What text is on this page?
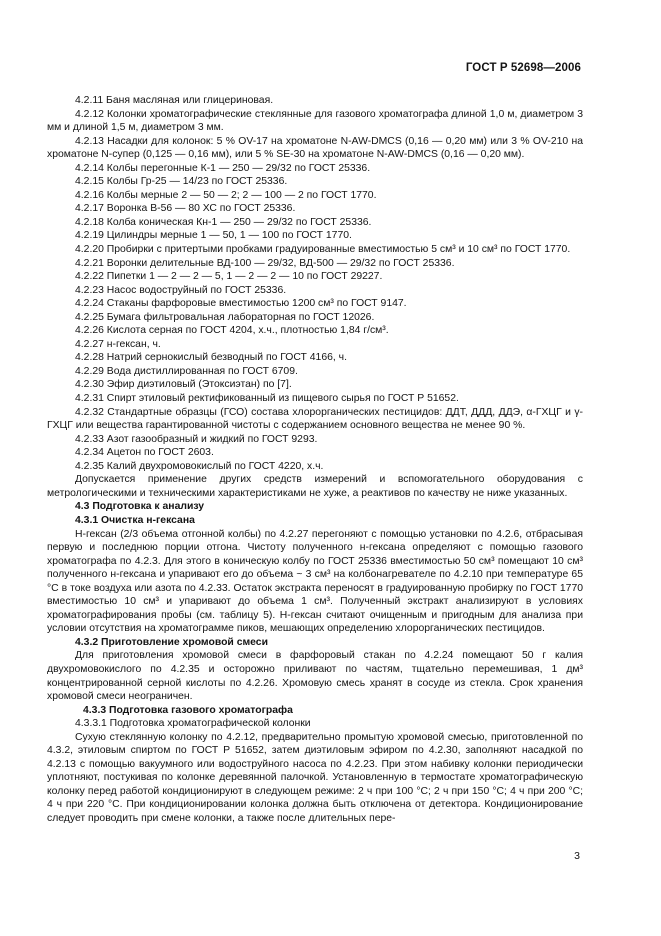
ГОСТ Р 52698—2006

4.2.11 Баня масляная или глицериновая.

4.2.12 Колонки хроматографические стеклянные для газового хроматографа длиной 1,0 м, диаметром 3 мм и длиной 1,5 м, диаметром 3 мм.

4.2.13 Насадки для колонок: 5 % OV-17 на хроматоне N-AW-DMCS (0,16 — 0,20 мм) или 3 % OV-210 на хроматоне N-супер (0,125 — 0,16 мм), или 5 % SE-30 на хроматоне N-AW-DMCS (0,16 — 0,20 мм).

4.2.14 Колбы перегонные К-1 — 250 — 29/32 по ГОСТ 25336.

4.2.15 Колбы Гр-25 — 14/23 по ГОСТ 25336.

4.2.16 Колбы мерные 2 — 50 — 2; 2 — 100 — 2 по ГОСТ 1770.

4.2.17 Воронка В-56 — 80 ХС по ГОСТ 25336.

4.2.18 Колба коническая Кн-1 — 250 — 29/32 по ГОСТ 25336.

4.2.19 Цилиндры мерные 1 — 50, 1 — 100 по ГОСТ 1770.

4.2.20 Пробирки с притертыми пробками градуированные вместимостью 5 см³ и 10 см³ по ГОСТ 1770.

4.2.21 Воронки делительные ВД-100 — 29/32, ВД-500 — 29/32 по ГОСТ 25336.

4.2.22 Пипетки 1 — 2 — 2 — 5, 1 — 2 — 2 — 10 по ГОСТ 29227.

4.2.23 Насос водоструйный по ГОСТ 25336.

4.2.24 Стаканы фарфоровые вместимостью 1200 см³ по ГОСТ 9147.

4.2.25 Бумага фильтровальная лабораторная по ГОСТ 12026.

4.2.26 Кислота серная по ГОСТ 4204, х.ч., плотностью 1,84 г/см³.

4.2.27 н-гексан, ч.

4.2.28 Натрий сернокислый безводный по ГОСТ 4166, ч.

4.2.29 Вода дистиллированная по ГОСТ 6709.

4.2.30 Эфир диэтиловый (Этоксиэтан) по [7].

4.2.31 Спирт этиловый ректификованный из пищевого сырья по ГОСТ Р 51652.

4.2.32 Стандартные образцы (ГСО) состава хлорорганических пестицидов: ДДТ, ДДД, ДДЭ, α-ГХЦГ и γ-ГХЦГ или вещества гарантированной чистоты с содержанием основного вещества не менее 90 %.

4.2.33 Азот газообразный и жидкий по ГОСТ 9293.

4.2.34 Ацетон по ГОСТ 2603.

4.2.35 Калий двухромовокислый по ГОСТ 4220, х.ч.

Допускается применение других средств измерений и вспомогательного оборудования с метрологическими и техническими характеристиками не хуже, а реактивов по качеству не ниже указанных.

4.3 Подготовка к анализу

4.3.1 Очистка н-гексана

Н-гексан (2/3 объема отгонной колбы) по 4.2.27 перегоняют с помощью установки по 4.2.6, отбрасывая первую и последнюю порции отгона. Чистоту полученного н-гексана определяют с помощью газового хроматографа по 4.2.3. Для этого в коническую колбу по ГОСТ 25336 вместимостью 50 см³ помещают 10 см³ полученного н-гексана и упаривают его до объема ~ 3 см³ на колбонагревателе по 4.2.10 при температуре 65 °С в токе воздуха или азота по 4.2.33. Остаток экстракта переносят в градуированную пробирку по ГОСТ 1770 вместимостью 10 см³ и упаривают до объема 1 см³. Полученный экстракт анализируют в условиях хроматографирования пробы (см. таблицу 5). Н-гексан считают очищенным и пригодным для анализа при условии отсутствия на хроматограмме пиков, мешающих определению хлорорганических пестицидов.

4.3.2 Приготовление хромовой смеси

Для приготовления хромовой смеси в фарфоровый стакан по 4.2.24 помещают 50 г калия двухромовокислого по 4.2.35 и осторожно приливают по частям, тщательно перемешивая, 1 дм³ концентрированной серной кислоты по 4.2.26. Хромовую смесь хранят в сосуде из стекла. Срок хранения хромовой смеси неограничен.

4.3.3 Подготовка газового хроматографа

4.3.3.1 Подготовка хроматографической колонки

Сухую стеклянную колонку по 4.2.12, предварительно промытую хромовой смесью, приготовленной по 4.3.2, этиловым спиртом по ГОСТ Р 51652, затем диэтиловым эфиром по 4.2.30, заполняют насадкой по 4.2.13 с помощью вакуумного или водоструйного насоса по 4.2.23. При этом набивку колонки периодически уплотняют, постукивая по колонке деревянной палочкой. Установленную в термостате хроматографическую колонку перед работой кондиционируют в следующем режиме: 2 ч при 100 °С; 2 ч при 150 °С; 4 ч при 200 °С; 4 ч при 220 °С. При кондиционировании колонка должна быть отключена от детектора. Кондиционирование следует проводить при смене колонки, а также после длительных пере-

3
